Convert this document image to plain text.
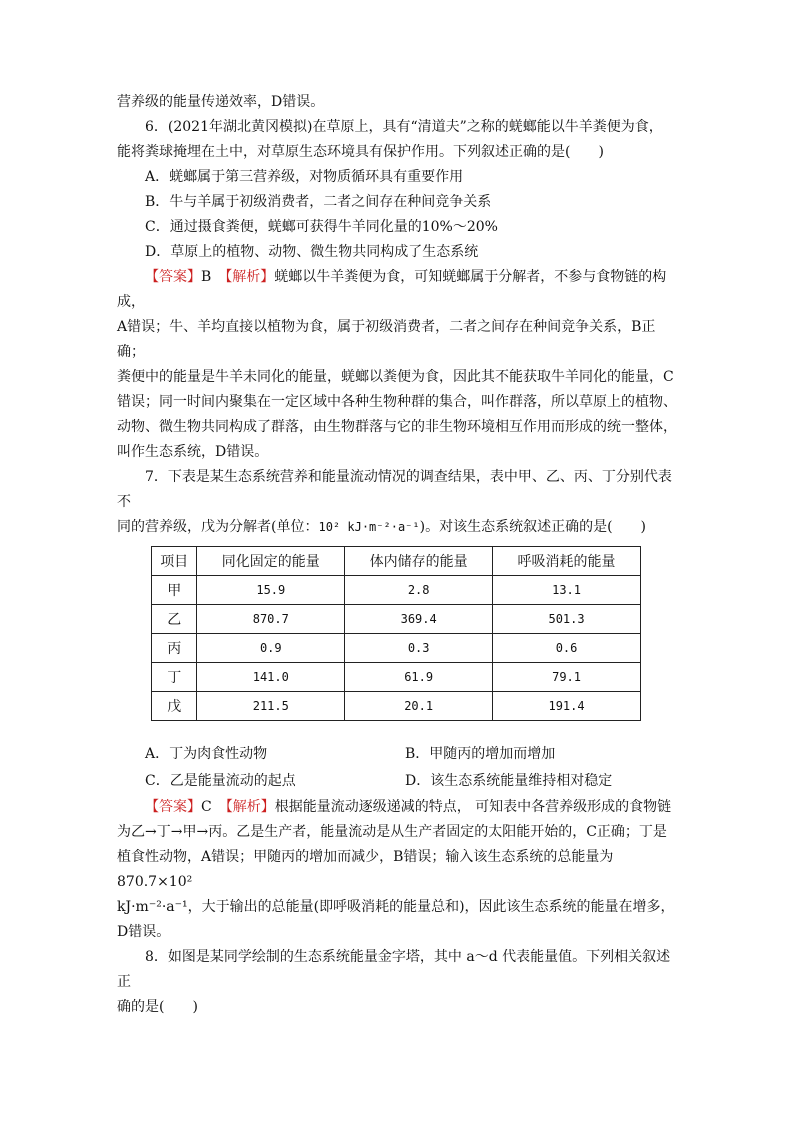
营养级的能量传递效率，D错误。

6．(2021年湖北黄冈模拟)在草原上，具有“清道夫”之称的蜣螂能以牛羊粪便为食，

能将粪球掩埋在土中，对草原生态环境具有保护作用。下列叙述正确的是(　　)

A．蜣螂属于第三营养级，对物质循环具有重要作用

B．牛与羊属于初级消费者，二者之间存在种间竞争关系

C．通过摄食粪便，蜣螂可获得牛羊同化量的10%～20%

D．草原上的植物、动物、微生物共同构成了生态系统

【答案】B　【解析】蜣螂以牛羊粪便为食，可知蜣螂属于分解者，不参与食物链的构成，

A错误；牛、羊均直接以植物为食，属于初级消费者，二者之间存在种间竞争关系，B正确；

粪便中的能量是牛羊未同化的能量，蜣螂以粪便为食，因此其不能获取牛羊同化的能量，C

错误；同一时间内聚集在一定区域中各种生物种群的集合，叫作群落，所以草原上的植物、

动物、微生物共同构成了群落，由生物群落与它的非生物环境相互作用而形成的统一整体，

叫作生态系统，D错误。

7．下表是某生态系统营养和能量流动情况的调查结果，表中甲、乙、丙、丁分别代表不

同的营养级，戊为分解者(单位：10² kJ·m⁻²·a⁻¹)。对该生态系统叙述正确的是(　　)

项目	同化固定的能量	体内储存的能量	呼吸消耗的能量
甲	15.9	2.8	13.1
乙	870.7	369.4	501.3
丙	0.9	0.3	0.6
丁	141.0	61.9	79.1
戊	211.5	20.1	191.4
A．丁为肉食性动物	B．甲随丙的增加而增加
C．乙是能量流动的起点	D．该生态系统能量维持相对稳定

【答案】C　【解析】根据能量流动逐级递减的特点， 可知表中各营养级形成的食物链

为乙→丁→甲→丙。乙是生产者，能量流动是从生产者固定的太阳能开始的，C正确；丁是

植食性动物，A错误；甲随丙的增加而减少，B错误；输入该生态系统的总能量为870.7×10²

kJ·m⁻²·a⁻¹，大于输出的总能量(即呼吸消耗的能量总和)，因此该生态系统的能量在增多，

D错误。

8．如图是某同学绘制的生态系统能量金字塔，其中 a～d 代表能量值。下列相关叙述正

确的是(　　)
